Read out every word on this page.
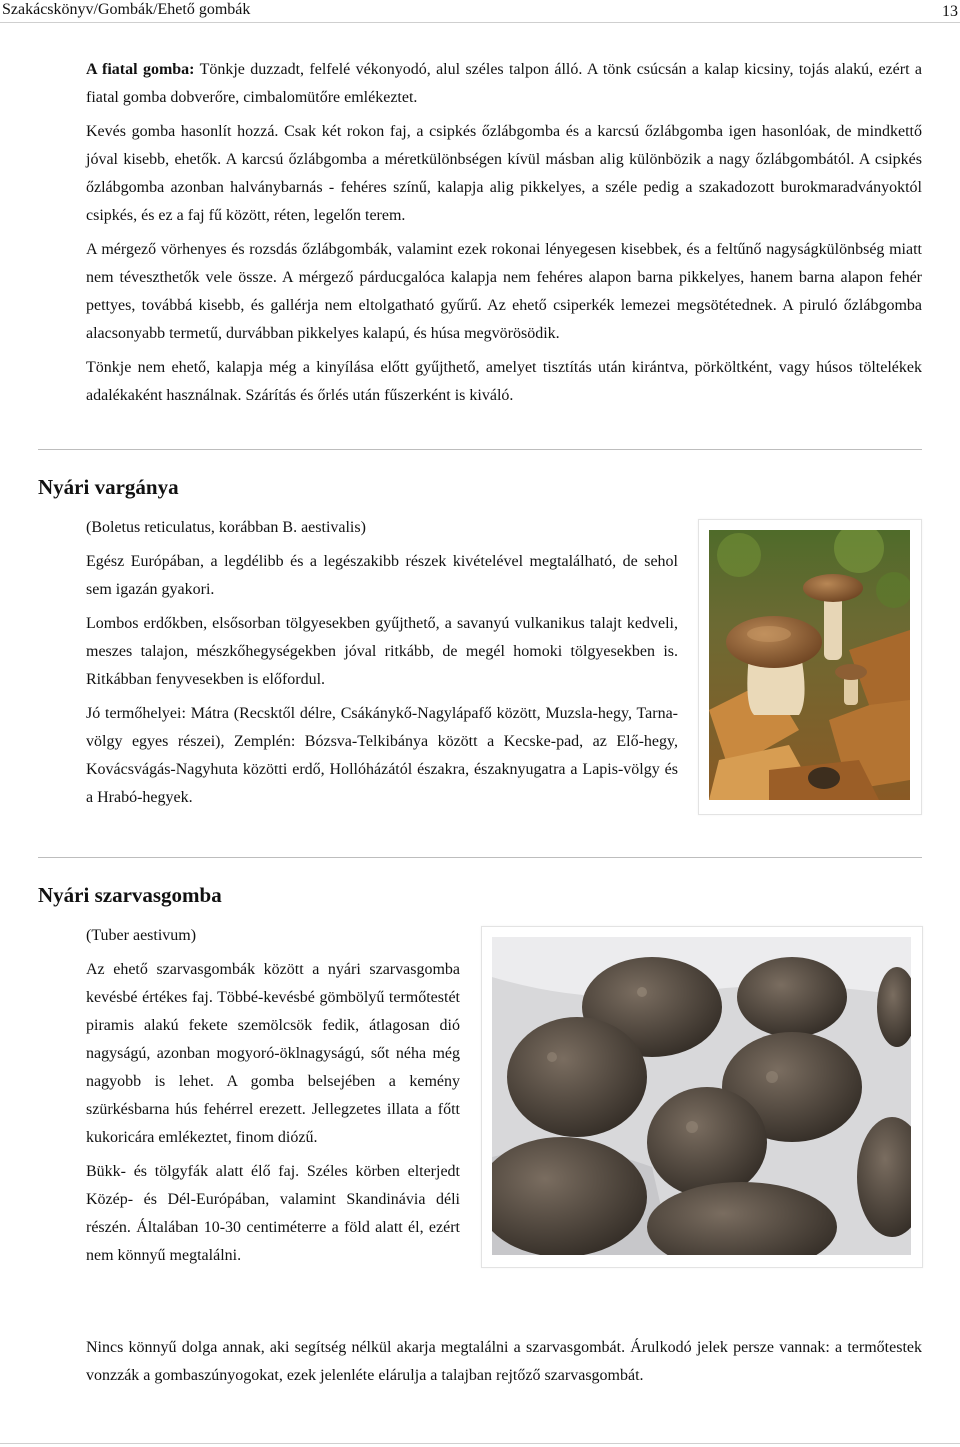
Szakácskönyv/Gombák/Ehető gombák	13

A fiatal gomba: Tönkje duzzadt, felfelé vékonyodó, alul széles talpon álló. A tönk csúcsán a kalap kicsiny, tojás alakú, ezért a fiatal gomba dobverőre, cimbalomütőre emlékeztet.

Kevés gomba hasonlít hozzá. Csak két rokon faj, a csipkés őzlábgomba és a karcsú őzlábgomba igen hasonlóak, de mindkettő jóval kisebb, ehetők. A karcsú őzlábgomba a méretkülönbségen kívül másban alig különbözik a nagy őzlábgombától. A csipkés őzlábgomba azonban halványbarnás - fehéres színű, kalapja alig pikkelyes, a széle pedig a szakadozott burokmaradványoktól csipkés, és ez a faj fű között, réten, legelőn terem.

A mérgező vörhenyes és rozsdás őzlábgombák, valamint ezek rokonai lényegesen kisebbek, és a feltűnő nagyságkülönbség miatt nem téveszthetők vele össze. A mérgező párducgalóca kalapja nem fehéres alapon barna pikkelyes, hanem barna alapon fehér pettyes, továbbá kisebb, és gallérja nem eltolgatható gyűrű. Az ehető csiperkék lemezei megsötétednek. A piruló őzlábgomba alacsonyabb termetű, durvábban pikkelyes kalapú, és húsa megvörösödik.

Tönkje nem ehető, kalapja még a kinyílása előtt gyűjthető, amelyet tisztítás után kirántva, pörköltként, vagy húsos töltelékek adalékaként használnak. Szárítás és őrlés után fűszerként is kiváló.

Nyári vargánya

(Boletus reticulatus, korábban B. aestivalis)

Egész Európában, a legdélibb és a legészakibb részek kivételével megtalálható, de sehol sem igazán gyakori.

Lombos erdőkben, elsősorban tölgyesekben gyűjthető, a savanyú vulkanikus talajt kedveli, meszes talajon, mészkőhegységekben jóval ritkább, de megél homoki tölgyesekben is. Ritkábban fenyvesekben is előfordul.

Jó termőhelyei: Mátra (Recsktől délre, Csákánykő-Nagylápafő között, Muzsla-hegy, Tarna-völgy egyes részei), Zemplén: Bózsva-Telkibánya között a Kecske-pad, az Elő-hegy, Kovácsvágás-Nagyhuta közötti erdő, Hollóházától északra, északnyugatra a Lapis-völgy és a Hrabó-hegyek.

Nyári szarvasgomba

(Tuber aestivum)

Az ehető szarvasgombák között a nyári szarvasgomba kevésbé értékes faj. Többé-kevésbé gömbölyű termőtestét piramis alakú fekete szemölcsök fedik, átlagosan dió nagyságú, azonban mogyoró-öklnagyságú, sőt néha még nagyobb is lehet. A gomba belsejében a kemény szürkésbarna hús fehérrel erezett. Jellegzetes illata a főtt kukoricára emlékeztet, finom diózű.

Bükk- és tölgyfák alatt élő faj. Széles körben elterjedt Közép- és Dél-Európában, valamint Skandinávia déli részén. Általában 10-30 centiméterre a föld alatt él, ezért nem könnyű megtalálni.

Nincs könnyű dolga annak, aki segítség nélkül akarja megtalálni a szarvasgombát. Árulkodó jelek persze vannak: a termőtestek vonzzák a gombaszúnyogokat, ezek jelenléte elárulja a talajban rejtőző szarvasgombát.
